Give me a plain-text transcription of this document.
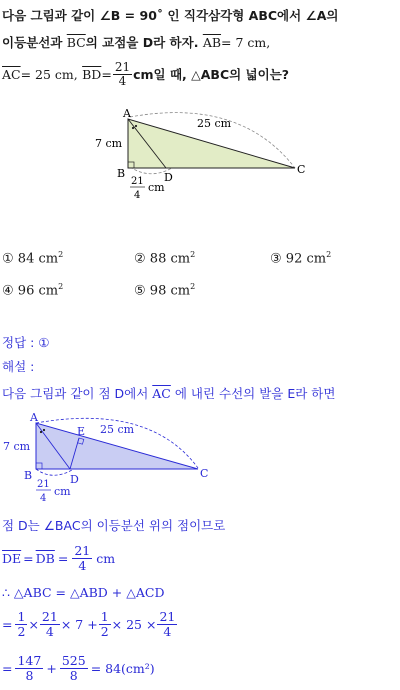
다음 그림과 같이 ∠B = 90˚ 인 직각삼각형 ABC에서 ∠A의
이등분선과 $\overline{BC}$의 교점을 D라 하자. $\overline{AB}= 7$ cm,
$\overline{AC} = 25$ cm,
$\overline{BD} = \frac{21}{4}$ cm일 때, △ABC의 넓이는?
A
B	C
D
7 cm
25 cm
21
4
cm
① 84 $cm^2$	② 88 $cm^2$	③ 92 $cm^2$
④ 96 $cm^2$	⑤ 98 $cm^2$
정답 : ①
해설 :
다음 그림과 같이 점 D에서 $\overline{AC}$ 에 내린 수선의 발을 E라 하면
A
B	C
D
E
7 cm
25 cm
21
4
cm
점 D는 ∠BAC의 이등분선 위의 점이므로
$\overline{DE} = \overline{DB} = \frac{21}{4}$ cm
∴ △ABC = △ABD + △ACD
= $\frac{1}{2} \times \frac{21}{4} \times 7 + \frac{1}{2} \times 25 \times \frac{21}{4}$
= $\frac{147}{8} + \frac{525}{8} = 84(cm^2)$
